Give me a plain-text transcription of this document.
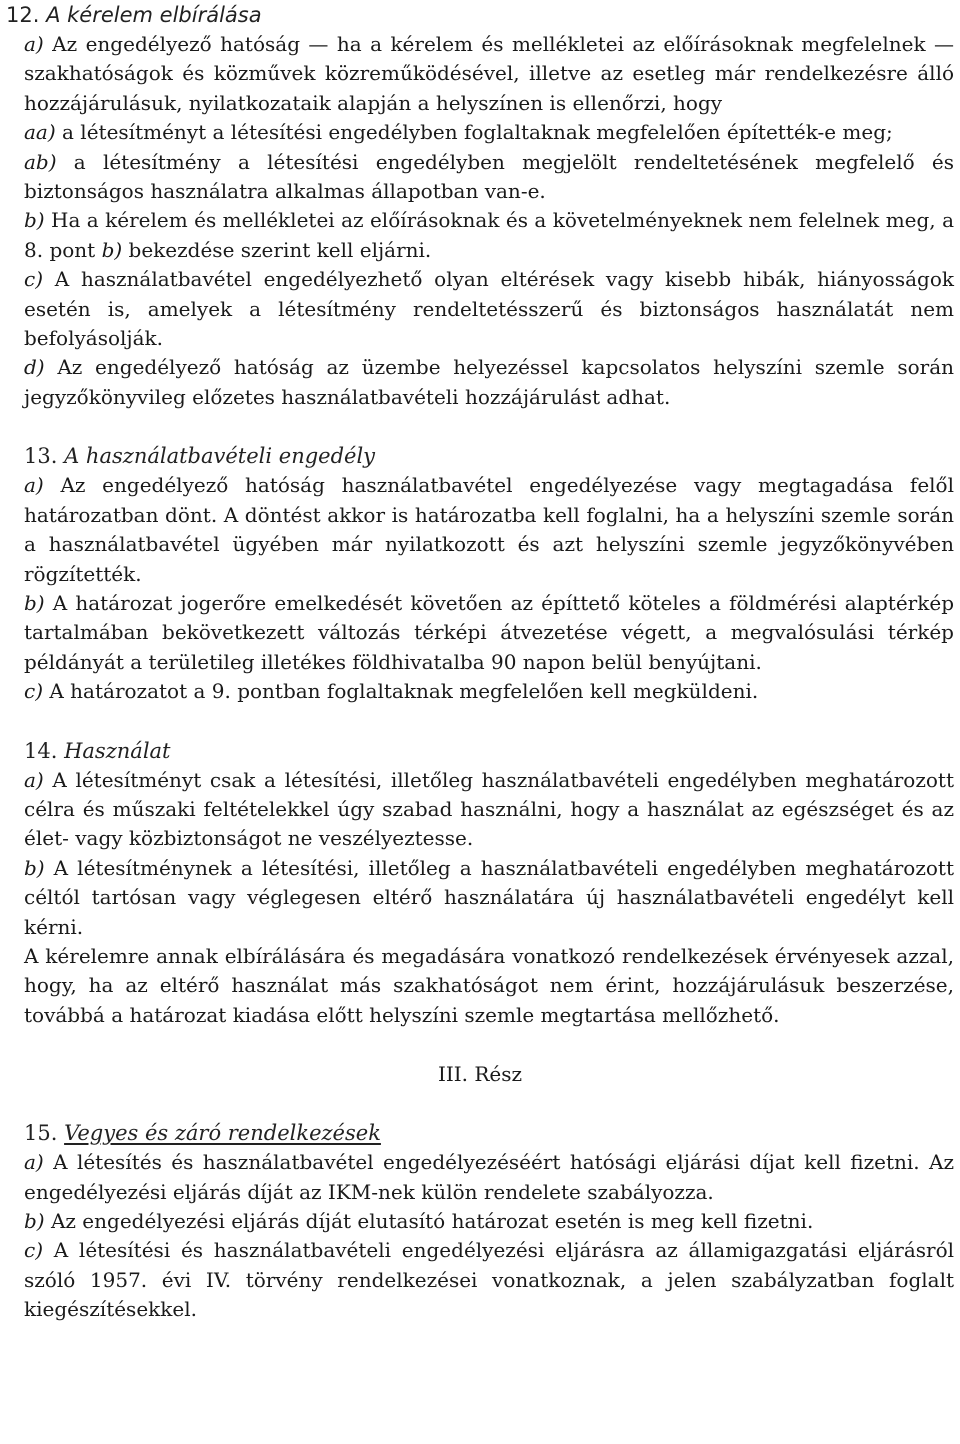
12. A kérelem elbírálása

a) Az engedélyező hatóság — ha a kérelem és mellékletei az előírásoknak megfelelnek — szakhatóságok és közművek közreműködésével, illetve az esetleg már rendelkezésre álló hozzájárulásuk, nyilatkozataik alapján a helyszínen is ellenőrzi, hogy

aa) a létesítményt a létesítési engedélyben foglaltaknak megfelelően építették-e meg;

ab) a létesítmény a létesítési engedélyben megjelölt rendeltetésének megfelelő és biztonságos használatra alkalmas állapotban van-e.

b) Ha a kérelem és mellékletei az előírásoknak és a követelményeknek nem felelnek meg, a 8. pont b) bekezdése szerint kell eljárni.

c) A használatbavétel engedélyezhető olyan eltérések vagy kisebb hibák, hiányosságok esetén is, amelyek a létesítmény rendeltetésszerű és biztonságos használatát nem befolyásolják.

d) Az engedélyező hatóság az üzembe helyezéssel kapcsolatos helyszíni szemle során jegyzőkönyvileg előzetes használatbavételi hozzájárulást adhat.

13. A használatbavételi engedély

a) Az engedélyező hatóság használatbavétel engedélyezése vagy megtagadása felől határozatban dönt. A döntést akkor is határozatba kell foglalni, ha a helyszíni szemle során a használatbavétel ügyében már nyilatkozott és azt helyszíni szemle jegyzőkönyvében rögzítették.

b) A határozat jogerőre emelkedését követően az építtető köteles a földmérési alaptérkép tartalmában bekövetkezett változás térképi átvezetése végett, a megvalósulási térkép példányát a területileg illetékes földhivatalba 90 napon belül benyújtani.

c) A határozatot a 9. pontban foglaltaknak megfelelően kell megküldeni.

14. Használat

a) A létesítményt csak a létesítési, illetőleg használatbavételi engedélyben meghatározott célra és műszaki feltételekkel úgy szabad használni, hogy a használat az egészséget és az élet- vagy közbiztonságot ne veszélyeztesse.

b) A létesítménynek a létesítési, illetőleg a használatbavételi engedélyben meghatározott céltól tartósan vagy véglegesen eltérő használatára új használatbavételi engedélyt kell kérni.

A kérelemre annak elbírálására és megadására vonatkozó rendelkezések érvényesek azzal, hogy, ha az eltérő használat más szakhatóságot nem érint, hozzájárulásuk beszerzése, továbbá a határozat kiadása előtt helyszíni szemle megtartása mellőzhető.

III. Rész

15. Vegyes és záró rendelkezések

a) A létesítés és használatbavétel engedélyezéséért hatósági eljárási díjat kell fizetni. Az engedélyezési eljárás díját az IKM-nek külön rendelete szabályozza.

b) Az engedélyezési eljárás díját elutasító határozat esetén is meg kell fizetni.

c) A létesítési és használatbavételi engedélyezési eljárásra az államigazgatási eljárásról szóló 1957. évi IV. törvény rendelkezései vonatkoznak, a jelen szabályzatban foglalt kiegészítésekkel.
